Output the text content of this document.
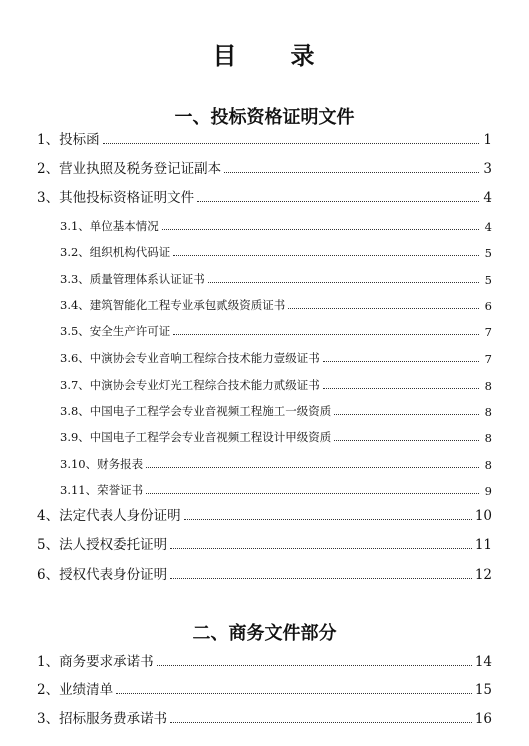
目　　录
一、投标资格证明文件
1、投标函	1
2、营业执照及税务登记证副本	3
3、其他投标资格证明文件	4
3.1、单位基本情况	4
3.2、组织机构代码证	5
3.3、质量管理体系认证证书	5
3.4、建筑智能化工程专业承包贰级资质证书	6
3.5、安全生产许可证	7
3.6、中演协会专业音响工程综合技术能力壹级证书	7
3.7、中演协会专业灯光工程综合技术能力贰级证书	8
3.8、中国电子工程学会专业音视频工程施工一级资质	8
3.9、中国电子工程学会专业音视频工程设计甲级资质	8
3.10、财务报表	8
3.11、荣誉证书	9
4、法定代表人身份证明	10
5、法人授权委托证明	11
6、授权代表身份证明	12
二、商务文件部分
1、商务要求承诺书	14
2、业绩清单	15
3、招标服务费承诺书	16
